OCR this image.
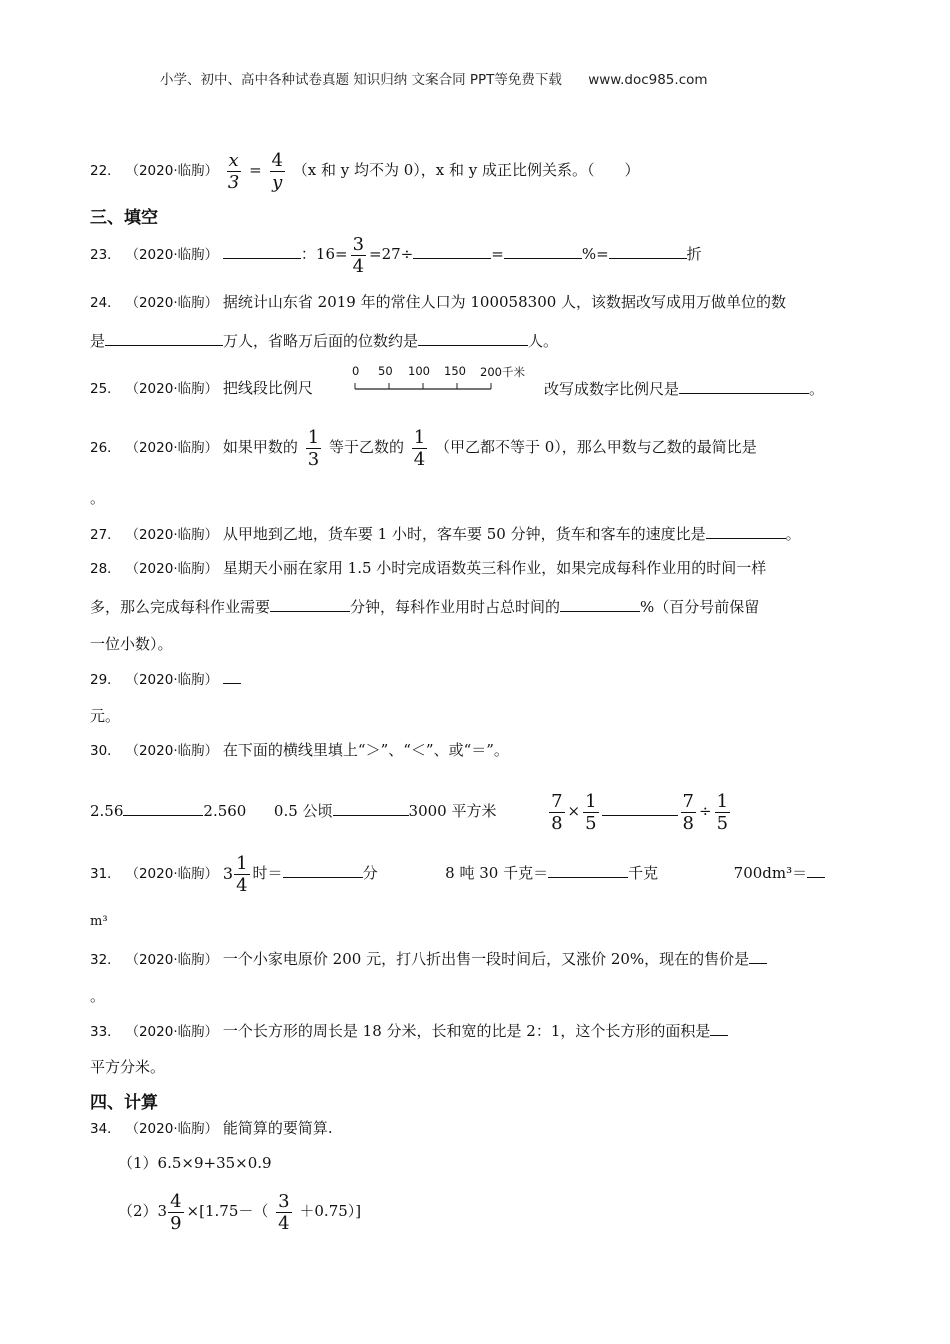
小学、初中、高中各种试卷真题 知识归纳 文案合同 PPT等免费下载 www.doc985.com
22． （2020·临朐） $\frac{x}{3} = \frac{4}{y} (x$ 和 y 均不为 0），x 和 y 成正比例关系。（　　）
三、填空
23． （2020·临朐）	：$16= \frac{3}{4} =27\div$	=	%=	折
24． （2020·临朐） 据统计山东省 2019 年的常住人口为 100058300 人，该数据改写成用万做单位的数
是	万人，省略万后面的位数约是	人。
25． （2020·临朐） 把线段比例尺
0 50 100 150 200千米
改写成数字比例尺是	。
26． （2020·临朐） 如果甲数的 $\frac{1}{3}$ 等于乙数的 $\frac{1}{4}$ （甲乙都不等于 0），那么甲数与乙数的最简比是
。
27． （2020·临朐） 从甲地到乙地，货车要 1 小时，客车要 50 分钟，货车和客车的速度比是	。
28． （2020·临朐） 星期天小丽在家用 1.5 小时完成语数英三科作业，如果完成每科作业用的时间一样
多，那么完成每科作业需要	分钟，每科作业用时占总时间的	%（百分号前保留
一位小数）。
29． （2020·临朐）
元。
30． （2020·临朐） 在下面的横线里填上“＞”、“＜”、或“＝”。
2.56	2.560 0.5 公顷	3000 平方米	$\frac{7}{8} \times \frac{1}{5}$	$\frac{7}{8} \div \frac{1}{5}$
31． （2020·临朐） $3 \frac{1}{4}$ 时＝	分	8 吨 30 千克＝	千克	700dm³＝
m³
32． （2020·临朐） 一个小家电原价 200 元，打八折出售一段时间后，又涨价 20%，现在的售价是
。
33． （2020·临朐） 一个长方形的周长是 18 分米，长和宽的比是 2：1，这个长方形的面积是
平方分米。
四、计算
34． （2020·临朐） 能简算的要简算.
（1）6.5×9+35×0.9
$(2)3 \frac{4}{9} \times[1.75-( \frac{3}{4} +0.75)]$
